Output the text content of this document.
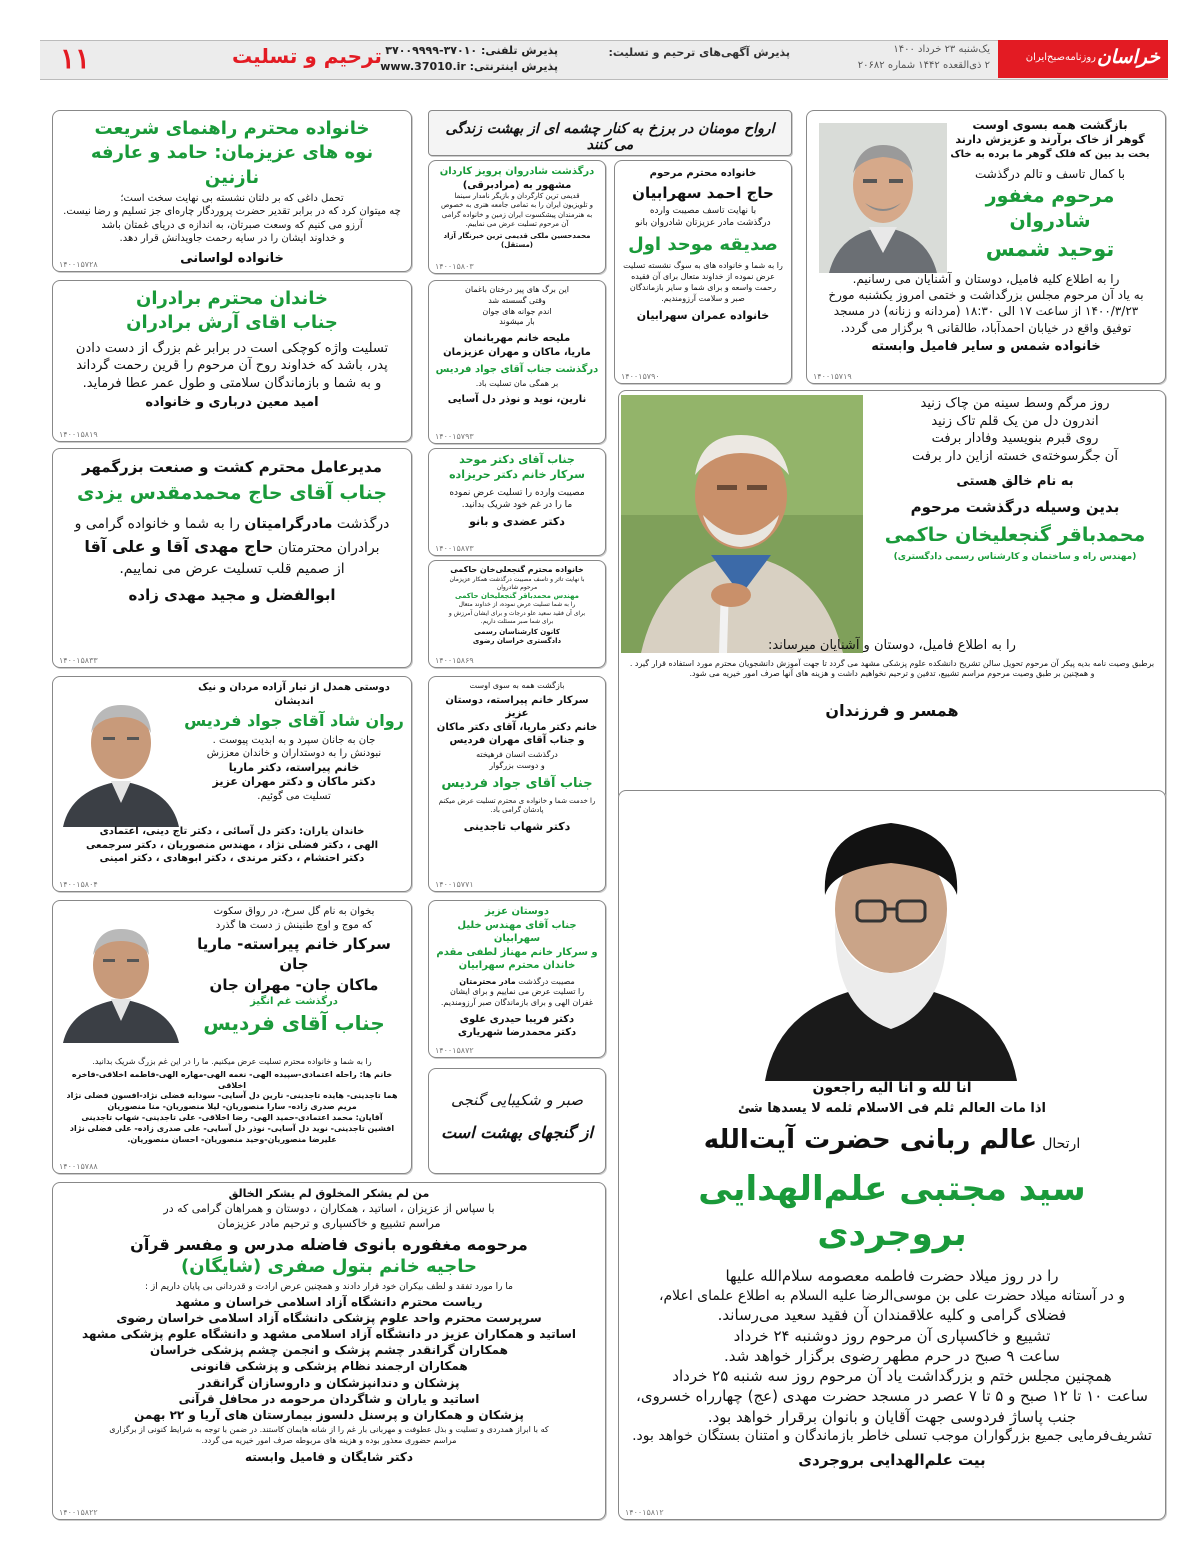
خراسان
روزنامه‌صبح‌ایران
یک‌شنبه ۲۳ خرداد ۱۴۰۰
۲ ذی‌القعده ۱۴۴۲ شماره ۲۰۶۸۲
پذیرش آگهی‌های ترحیم و تسلیت:
پذیرش تلفنی: ۳۷۰۱۰-۳۷۰۰۹۹۹۹
پذیرش اینترنتی: www.37010.ir
ترحیم و تسلیت
۱۱
بازگشت همه بسوی اوست
گوهر از خاک برآرند و عزیزش دارند
بخت بد بین که فلک گوهر ما برده به خاک
با کمال تاسف و تالم درگذشت
مرحوم مغفور شادروان
توحید شمس
را به اطلاع کلیه فامیل، دوستان و آشنایان می رسانیم.
به یاد آن مرحوم مجلس بزرگداشت و ختمی امروز یکشنبه مورخ
۱۴۰۰/۳/۲۳ از ساعت ۱۷ الی ۱۸:۳۰ (مردانه و زنانه) در مسجد
توفیق واقع در خیابان احمدآباد، طالقانی ۹ برگزار می گردد.
خانواده شمس و سایر فامیل وابسته
۱۴۰۰۱۵۷۱۹
خانواده محترم مرحوم
حاج احمد سهرابیان
با نهایت تاسف مصیبت وارده
درگذشت مادر عزیزتان شادروان بانو
صدیقه موحد اول
را به شما و خانواده های به سوگ نشسته تسلیت
عرض نموده از خداوند متعال برای آن فقیده
رحمت واسعه و برای شما و سایر بازماندگان
صبر و سلامت آرزومندیم.
خانواده عمران سهرابیان
۱۴۰۰۱۵۷۹۰
ارواح مومنان در برزخ به کنار چشمه ای از بهشت زندگی می کنند
درگذشت شادروان پرویز کاردان
مشهور به (مرادبرقی)
قدیمی ترین کارگردان و بازیگر نامدار سینما
و تلویزیون ایران را به تمامی جامعه هنری به خصوص
به هنرمندان پیشکسوت ایران زمین و خانواده گرامی
آن مرحوم تسلیت عرض می نماییم.
محمدحسین ملکی قدیمی ترین خبرنگار آزاد (مستقل)
۱۴۰۰۱۵۸۰۳
خانواده محترم راهنمای شریعت
نوه های عزیزمان: حامد و عارفه نازنین
تحمل داغی که بر دلتان نشسته بی نهایت سخت است؛
چه میتوان کرد که در برابر تقدیر حضرت پروردگار چاره‌ای جز تسلیم و رضا نیست.
آرزو می کنیم که وسعت صبرتان، به اندازه ی دریای غمتان باشد
و خداوند ایشان را در سایه رحمت جاویدانش قرار دهد.
خانواده لواسانی
۱۴۰۰۱۵۷۲۸
خاندان محترم برادران
جناب اقای آرش برادران
تسلیت واژه کوچکی است در برابر غم بزرگ از دست دادن
پدر، باشد که خداوند روح آن مرحوم را قرین رحمت گرداند
و به شما و بازماندگان سلامتی و طول عمر عطا فرماید.
امید معین درباری و خانواده
۱۴۰۰۱۵۸۱۹
این برگ های پیر درختان باغمان
وقتی گسسته شد
اندم جوانه های جوان
بار میشوند
ملیحه خانم مهربانمان
ماریا، ماکان و مهران عزیزمان
درگذشت جناب آقای جواد فردیس
بر همگی مان تسلیت باد.
نارین، نوید و نوذر دل آسایی
۱۴۰۰۱۵۷۹۳
روز مرگم وسط سینه من چاک زنید
اندرون دل من یک قلم تاک زنید
روی قبرم بنویسید وفادار برفت
آن جگرسوخته‌ی خسته ازاین دار برفت
به نام خالق هستی
بدین وسیله درگذشت مرحوم
محمدباقر گنجعلیخان حاکمی
(مهندس راه و ساختمان و کارشناس رسمی دادگستری)
را به اطلاع فامیل، دوستان و آشنایان میرساند:
برطبق وصیت نامه بدیه پیکر آن مرحوم تحویل سالن تشریح دانشکده علوم پزشکی مشهد می گردد تا جهت آموزش دانشجویان محترم مورد استفاده قرار گیرد .
و همچنین بر طبق وصیت مرحوم مراسم تشییع، تدفین و ترحیم نخواهیم داشت و هزینه های آنها صرف امور خیریه می شود.
همسر و فرزندان
مدیرعامل محترم کشت و صنعت بزرگمهر
جناب آقای حاج محمدمقدس یزدی
درگذشت مادرگرامیتان را به شما و خانواده گرامی و
برادران محترمتان حاج مهدی آقا و علی آقا
از صمیم قلب تسلیت عرض می نماییم.
ابوالفضل و مجید مهدی زاده
۱۴۰۰۱۵۸۳۳
جناب آقای دکتر موحد
سرکار خانم دکتر حریزاده
مصیبت وارده را تسلیت عرض نموده
ما را در غم خود شریک بدانید.
دکتر عضدی و بانو
۱۴۰۰۱۵۸۷۳
خانواده محترم گنجعلی‌خان حاکمی
با نهایت تاثر و تاسف مصیبت درگذشت همکار عزیزمان
مرحوم شادروان
مهندس محمدباقر گنجعلیخان حاکمی
را به شما تسلیت عرض نموده، از خداوند متعال
برای آن فقید سعید علو درجات و برای ایشان آمرزش و
برای شما صبر مسئلت داریم.
کانون کارشناسان رسمی
دادگستری خراسان رضوی
۱۴۰۰۱۵۸۶۹
دوستی همدل از تبار آزاده مردان و نیک اندیشان
روان شاد آقای جواد فردیس
جان به جانان سپرد و به ابدیت پیوست .
نبودنش را به دوستداران و خاندان معززش
خانم پیراسته، دکتر ماریا
دکتر ماکان و دکتر مهران عزیز
تسلیت می گوئیم.
خاندان یاران: دکتر دل آسائی ، دکتر تاج دینی، اعتمادی
الهی ، دکتر فضلی نژاد ، مهندس منصوریان ، دکتر سرجمعی
دکتر احتشام ، دکتر مرندی ، دکتر ابوهادی ، دکتر امینی
۱۴۰۰۱۵۸۰۴
بازگشت همه به سوی اوست
سرکار خانم پیراسته، دوستان عزیز
خانم دکتر ماریا، آقای دکتر ماکان
و جناب آقای مهران فردیس
درگذشت انسان فرهیخته
و دوست بزرگوار
جناب آقای جواد فردیس
را خدمت شما و خانواده ی محترم تسلیت عرض میکنم
پادشان گرامی باد.
دکتر شهاب تاجدینی
۱۴۰۰۱۵۷۷۱
انا لله و انا الیه راجعون
اذا مات العالم ثلم فی الاسلام ثلمه لا یسدها شئ
ارتحال عالم ربانی حضرت آیت‌الله
سید مجتبی علم‌الهدایی بروجردی
را در روز میلاد حضرت فاطمه معصومه سلام‌الله علیها
و در آستانه میلاد حضرت علی بن موسی‌الرضا علیه السلام به اطلاع علمای اعلام،
فضلای گرامی و کلیه علاقمندان آن فقید سعید می‌رساند.
تشییع و خاکسپاری آن مرحوم روز دوشنبه ۲۴ خرداد
ساعت ۹ صبح در حرم مطهر رضوی برگزار خواهد شد.
همچنین مجلس ختم و بزرگداشت یاد آن مرحوم روز سه شنبه ۲۵ خرداد
ساعت ۱۰ تا ۱۲ صبح و ۵ تا ۷ عصر در مسجد حضرت مهدی (عج) چهارراه خسروی،
جنب پاساژ فردوسی جهت آقایان و بانوان برقرار خواهد بود.
تشریف‌فرمایی جمیع بزرگواران موجب تسلی خاطر بازماندگان و امتنان بستگان خواهد بود.
بیت علم‌الهدایی بروجردی
۱۴۰۰۱۵۸۱۲
بخوان به نام گل سرخ، در رواق سکوت
که موج و اوج طنینش ز دست ها گذرد
سرکار خانم پیراسته- ماریا جان
ماکان جان- مهران جان
درگذشت غم انگیز
جناب آقای فردیس
را به شما و خانواده محترم تسلیت عرض میکنیم. ما را در این غم بزرگ شریک بدانید.
خانم ها: راحله اعتمادی-سپیده الهی- نغمه الهی-مهاره الهی-فاطمه اخلاقی-فاخره اخلاقی
هما تاجدینی- هایده تاجدینی- نارین دل آسایی- سودابه فضلی نژاد-افسون فضلی نژاد
مریم صدری زاده- سارا منصوریان- لیلا منصوریان- منا منصوریان
آقایان: محمد اعتمادی-حمید الهی- رضا اخلاقی- علی تاجدینی- شهاب تاجدینی
افشین تاجدینی- نوید دل آسایی- نوذر دل آسایی- علی صدری زاده- علی فضلی نژاد
علیرضا منصوریان-وحید منصوریان- احسان منصوریان.
۱۴۰۰۱۵۷۸۸
دوستان عزیز
جناب آقای مهندس خلیل سهرابیان
و سرکار خانم مهناز لطفی مقدم
خاندان محترم سهرابیان
مصیبت درگذشت مادر محترمتان
را تسلیت عرض می نماییم و برای ایشان
غفران الهی و برای بازماندگان صبر آرزومندیم.
دکتر فریبا حیدری علوی
دکتر محمدرضا شهریاری
۱۴۰۰۱۵۸۷۲
صبر و شکیبایی گنجی
از گنجهای بهشت است
من لم یشکر المخلوق لم یشکر الخالق
با سپاس از عزیزان ، اساتید ، همکاران ، دوستان و همراهان گرامی که در
مراسم تشییع و خاکسپاری و ترحیم مادر عزیزمان
مرحومه مغفوره بانوی فاضله مدرس و مفسر قرآن
حاجیه خانم بتول صفری (شایگان)
ما را مورد تفقد و لطف بیکران خود قرار دادند و همچنین عرض ارادت و قدردانی بی پایان داریم از :
ریاست محترم دانشگاه آزاد اسلامی خراسان و مشهد
سرپرست محترم واحد علوم پزشکی دانشگاه آزاد اسلامی خراسان رضوی
اساتید و همکاران عزیز در دانشگاه آزاد اسلامی مشهد و دانشگاه علوم پزشکی مشهد
همکاران گرانقدر چشم پزشک و انجمن چشم پزشکی خراسان
همکاران ارجمند نظام پزشکی و پزشکی قانونی
پزشکان و دندانپزشکان و داروسازان گرانقدر
اساتید و یاران و شاگردان مرحومه در محافل قرآنی
پزشکان و همکاران و پرسنل دلسوز بیمارستان های آریا و ۲۲ بهمن
که با ابراز همدردی و تسلیت و بذل عطوفت و مهربانی بار غم را از شانه هایمان کاستند. در ضمن با توجه به شرایط کنونی از برگزاری
مراسم حضوری معذور بوده و هزینه های مربوطه صرف امور خیریه می گردد.
دکتر شایگان و فامیل وابسته
۱۴۰۰۱۵۸۲۲
